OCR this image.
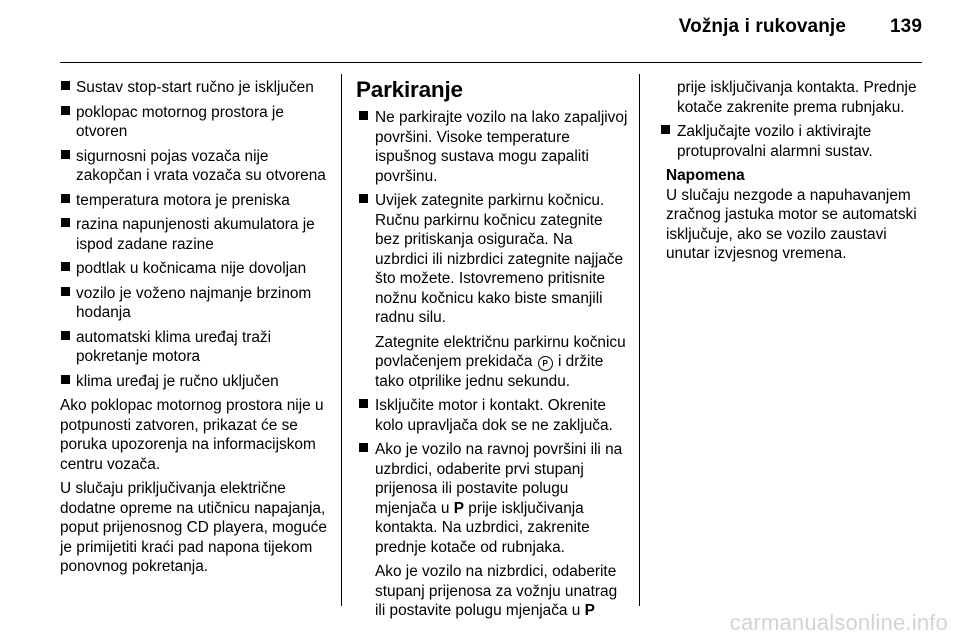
Vožnja i rukovanje 139
Sustav stop-start ručno je isključen
poklopac motornog prostora je otvoren
sigurnosni pojas vozača nije zakopčan i vrata vozača su otvorena
temperatura motora je preniska
razina napunjenosti akumulatora je ispod zadane razine
podtlak u kočnicama nije dovoljan
vozilo je voženo najmanje brzinom hodanja
automatski klima uređaj traži pokretanje motora
klima uređaj je ručno uključen

Ako poklopac motornog prostora nije u potpunosti zatvoren, prikazat će se poruka upozorenja na informacijskom centru vozača.

U slučaju priključivanja električne dodatne opreme na utičnicu napajanja, poput prijenosnog CD playera, moguće je primijetiti kraći pad napona tijekom ponovnog pokretanja.

Parkiranje
Ne parkirajte vozilo na lako zapaljivoj površini. Visoke temperature ispušnog sustava mogu zapaliti površinu.
Uvijek zategnite parkirnu kočnicu. Ručnu parkirnu kočnicu zategnite bez pritiskanja osigurača. Na uzbrdici ili nizbrdici zategnite najjače što možete. Istovremeno pritisnite nožnu kočnicu kako biste smanjili radnu silu.

Zategnite električnu parkirnu kočnicu povlačenjem prekidača P i držite tako otprilike jednu sekundu.

Isključite motor i kontakt. Okrenite kolo upravljača dok se ne zaključa.
Ako je vozilo na ravnoj površini ili na uzbrdici, odaberite prvi stupanj prijenosa ili postavite polugu mjenjača u P prije isključivanja kontakta. Na uzbrdici, zakrenite prednje kotače od rubnjaka.

Ako je vozilo na nizbrdici, odaberite stupanj prijenosa za vožnju unatrag ili postavite polugu mjenjača u P

prije isključivanja kontakta. Prednje kotače zakrenite prema rubnjaku.
Zaključajte vozilo i aktivirajte protuprovalni alarmni sustav.
Napomena
U slučaju nezgode a napuhavanjem zračnog jastuka motor se automatski isključuje, ako se vozilo zaustavi unutar izvjesnog vremena.
carmanualsonline.info
